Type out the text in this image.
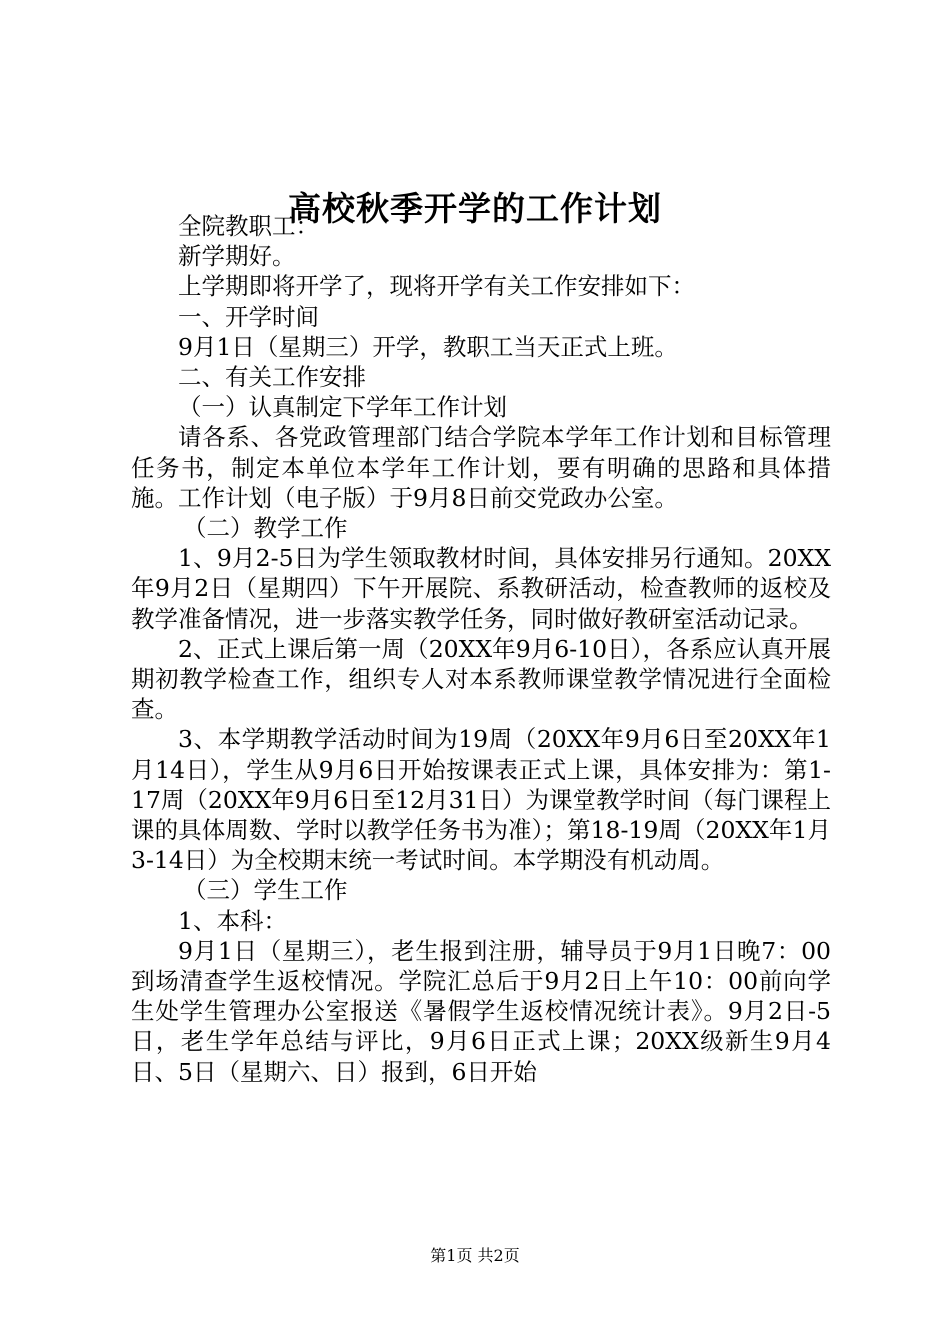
高校秋季开学的工作计划

全院教职工：

新学期好。

上学期即将开学了，现将开学有关工作安排如下：

一、开学时间

9月1日（星期三）开学，教职工当天正式上班。

二、有关工作安排

（一）认真制定下学年工作计划

请各系、各党政管理部门结合学院本学年工作计划和目标管理任务书，制定本单位本学年工作计划，要有明确的思路和具体措施。工作计划（电子版）于9月8日前交党政办公室。

（二）教学工作

1、9月2-5日为学生领取教材时间，具体安排另行通知。20XX年9月2日（星期四）下午开展院、系教研活动，检查教师的返校及教学准备情况，进一步落实教学任务，同时做好教研室活动记录。

2、正式上课后第一周（20XX年9月6-10日），各系应认真开展期初教学检查工作，组织专人对本系教师课堂教学情况进行全面检查。

3、本学期教学活动时间为19周（20XX年9月6日至20XX年1月14日），学生从9月6日开始按课表正式上课，具体安排为：第1-17周（20XX年9月6日至12月31日）为课堂教学时间（每门课程上课的具体周数、学时以教学任务书为准）；第18-19周（20XX年1月3-14日）为全校期末统一考试时间。本学期没有机动周。

（三）学生工作

1、本科：

9月1日（星期三），老生报到注册，辅导员于9月1日晚7：00到场清查学生返校情况。学院汇总后于9月2日上午10：00前向学生处学生管理办公室报送《暑假学生返校情况统计表》。9月2日-5日，老生学年总结与评比，9月6日正式上课；20XX级新生9月4日、5日（星期六、日）报到，6日开始

第1页 共2页
